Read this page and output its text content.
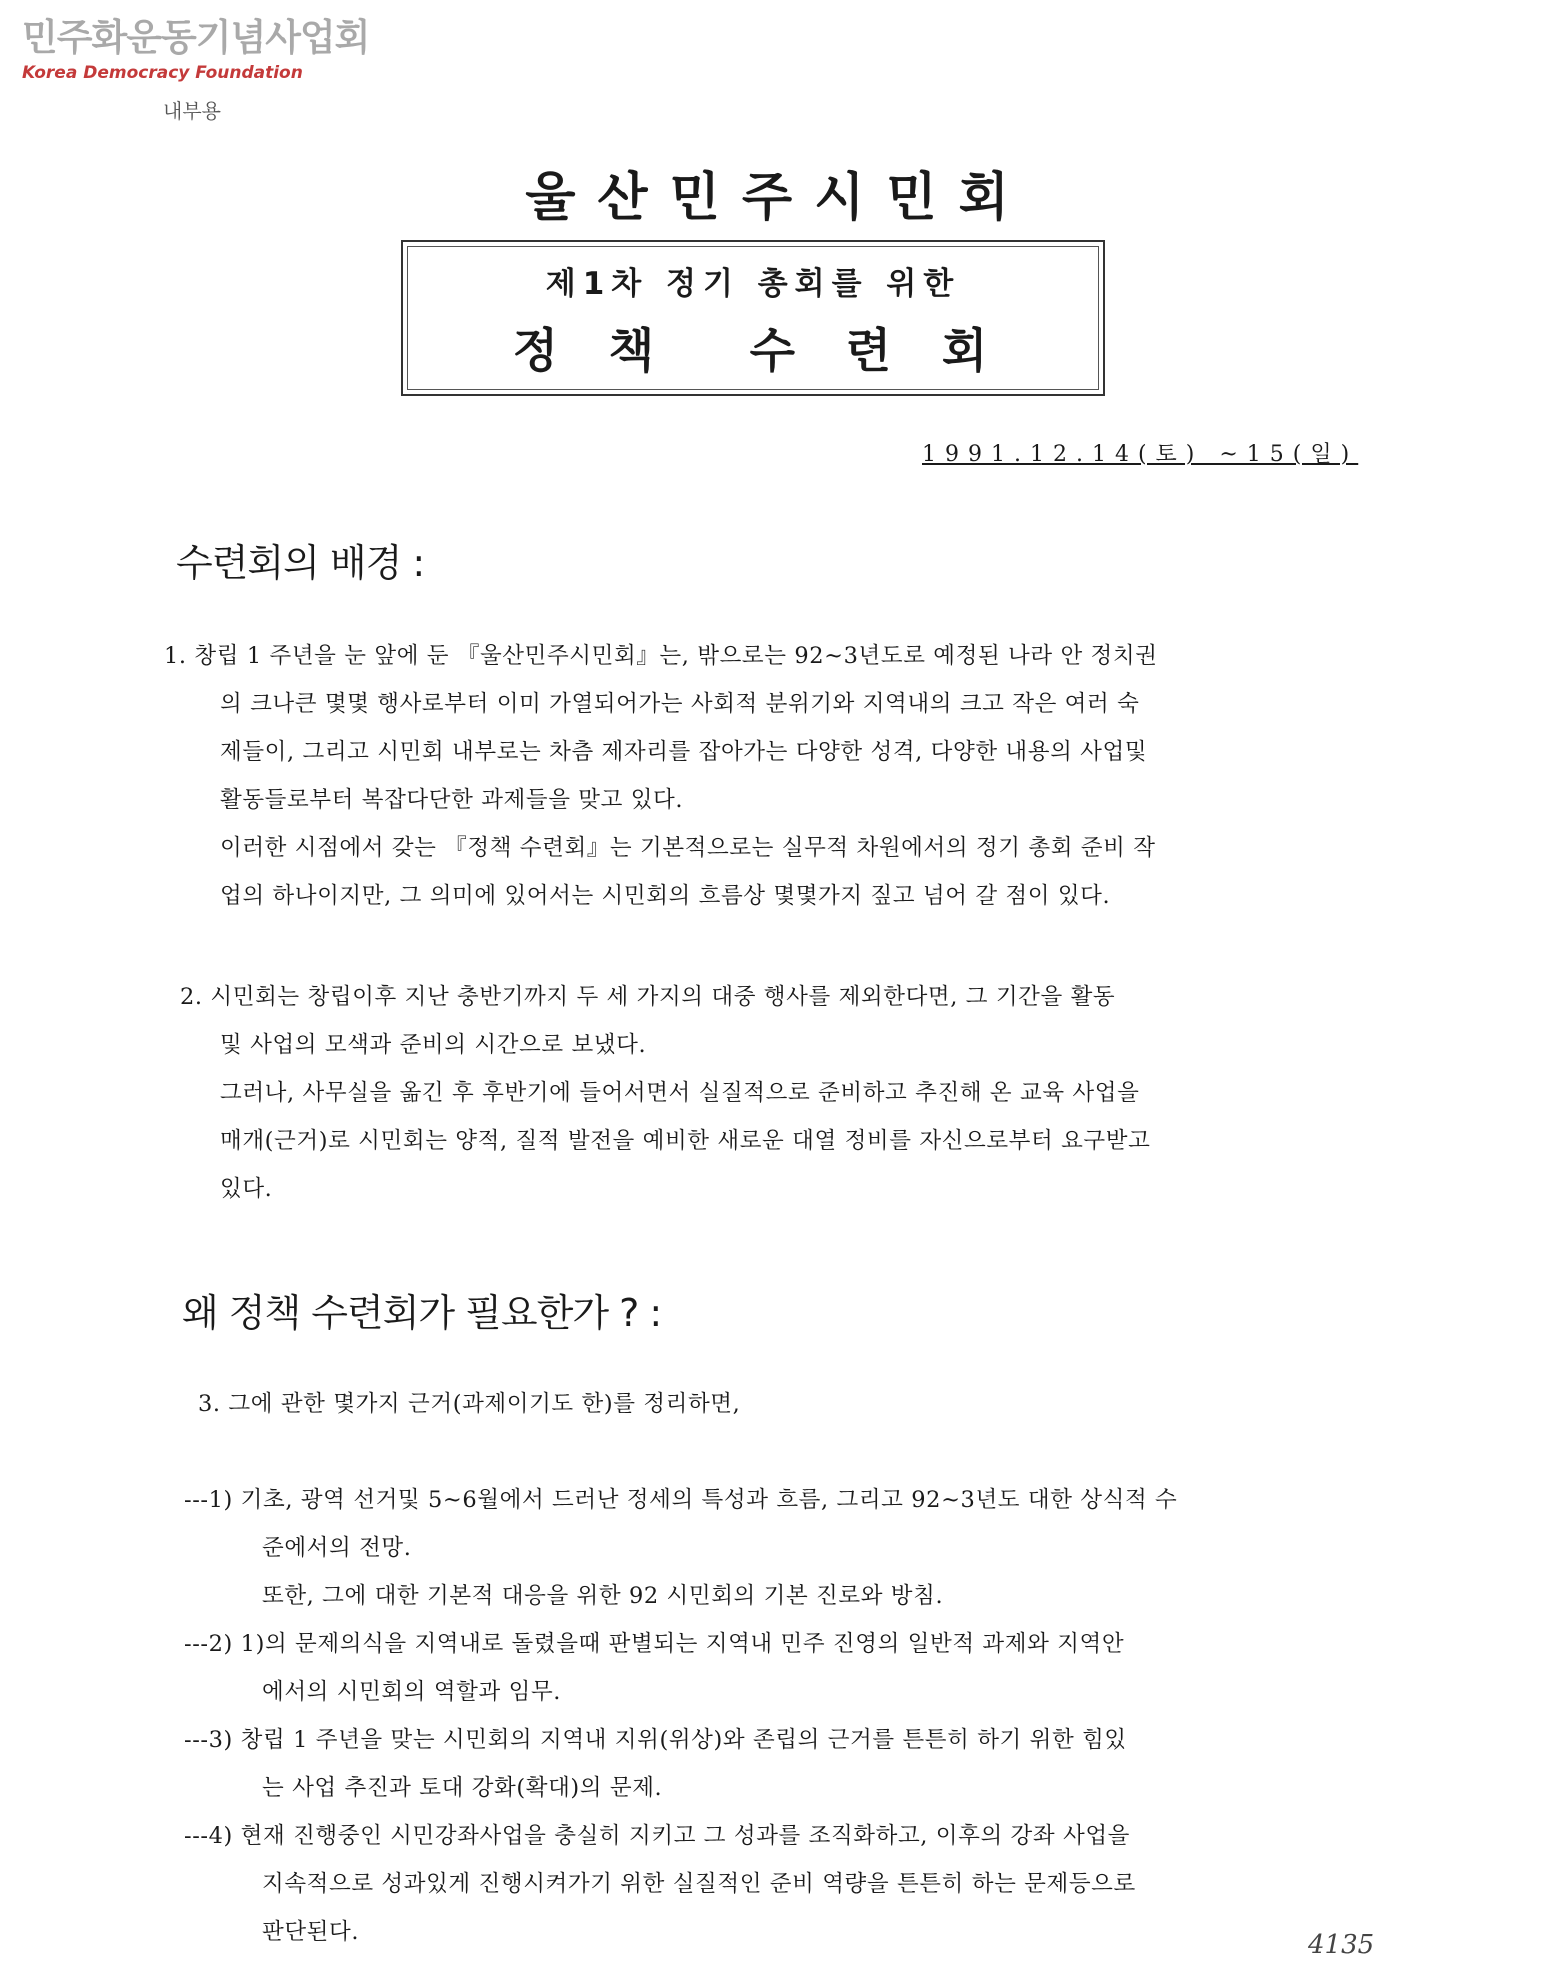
민주화운동기념사업회
Korea Democracy Foundation
내부용
울산민주시민회
제1차 정기 총회를 위한
정  책    수  련  회
1991.12.14(토) ~15(일)
수련회의 배경 :
1. 창립 1 주년을 눈 앞에 둔 『울산민주시민회』는, 밖으로는 92~3년도로 예정된 나라 안 정치권
의 크나큰 몇몇 행사로부터 이미 가열되어가는 사회적 분위기와 지역내의 크고 작은 여러 숙
제들이, 그리고 시민회 내부로는 차츰 제자리를 잡아가는 다양한 성격, 다양한 내용의 사업및
활동들로부터 복잡다단한 과제들을 맞고 있다.
이러한 시점에서 갖는 『정책 수련회』는 기본적으로는 실무적 차원에서의 정기 총회 준비 작
업의 하나이지만, 그 의미에 있어서는 시민회의 흐름상 몇몇가지 짚고 넘어 갈 점이 있다.
2. 시민회는 창립이후 지난 충반기까지 두 세 가지의 대중 행사를 제외한다면, 그 기간을 활동
및 사업의 모색과 준비의 시간으로 보냈다.
그러나, 사무실을 옮긴 후 후반기에 들어서면서 실질적으로 준비하고 추진해 온 교육 사업을
매개(근거)로 시민회는 양적, 질적 발전을 예비한 새로운 대열 정비를 자신으로부터 요구받고
있다.
왜 정책 수련회가 필요한가 ? :
3. 그에 관한 몇가지 근거(과제이기도 한)를 정리하면,
---1) 기초, 광역 선거및 5~6월에서 드러난 정세의 특성과 흐름, 그리고 92~3년도 대한 상식적 수
준에서의 전망.
또한, 그에 대한 기본적 대응을 위한 92 시민회의 기본 진로와 방침.
---2) 1)의 문제의식을 지역내로 돌렸을때 판별되는 지역내 민주 진영의 일반적 과제와 지역안
에서의 시민회의 역할과 임무.
---3) 창립 1 주년을 맞는 시민회의 지역내 지위(위상)와 존립의 근거를 튼튼히 하기 위한 힘있
는 사업 추진과 토대 강화(확대)의 문제.
---4) 현재 진행중인 시민강좌사업을 충실히 지키고 그 성과를 조직화하고, 이후의 강좌 사업을
지속적으로 성과있게 진행시켜가기 위한 실질적인 준비 역량을 튼튼히 하는 문제등으로
판단된다.	4135
